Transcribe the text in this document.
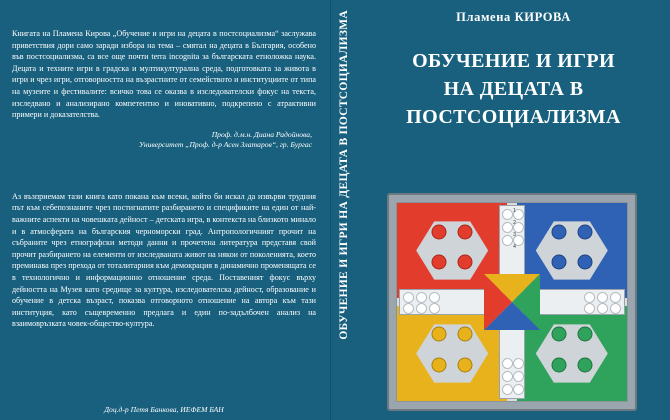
Книгата на Пламена Кирова „Обучение и игри на децата в постсоциализма“ заслужава приветствия дори само заради избора на тема – смятал на децата в България, особено във постсоциализма, са все още почти terra incognita за българската етноложка наука. Децата и техните игри в градска и мултикултурална среда, подготовката за живота в игри и чрез игри, отговорността на възрастните от семейството и институциите от типа на музеите и фестивалите: всичко това се оказва в изследователски фокус на текста, изследвано и анализирано компетентно и иновативно, подкрепено с атрактивни примери и доказателства.

Проф. д.м.н. Диана Радойнова,
Университет „Проф. д-р Асен Златаров“, гр. Бургас

Аз възприемам тази книга като покана към всеки, който би искал да извърви трудния път към себепознаните чрез постигнатите разбирането и спецификите на един от най-важните аспекти на човешката дейност – детската игра, в контекста на близкото минало и в атмосферата на българския черноморски град. Антропологичният прочит на събраните чрез етнографски методи данни и прочетена литература представя свой прочит разбирането на елементи от изследваната живот на някои от поколенията, което преминава през прехода от тоталитарния към демокрация в динамично променящата се в технологично и информационно отношение среда. Поставеният фокус върху дейността на Музея като средище за култура, изследователска дейност, образование и обучение в детска възраст, показва отговорното отношение на автора към тази институция, като същевременно предлага и един по-задълбочен анализ на взаимовръзката човек-общество-култура.

Доц.д-р Петя Банкова, ИЕФЕМ БАН
ОБУЧЕНИЕ И ИГРИ НА ДЕЦАТА В ПОСТСОЦИАЛИЗМА	Пламена КИРОВА
ОБУЧЕНИЕ И ИГРИ
НА ДЕЦАТА В
ПОСТСОЦИАЛИЗМА
1
2
3
4
